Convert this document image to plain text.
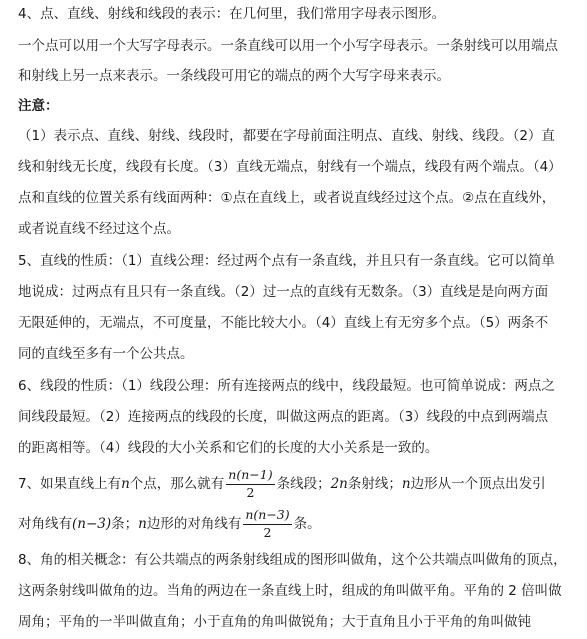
4、点、直线、射线和线段的表示：在几何里，我们常用字母表示图形。
一个点可以用一个大写字母表示。一条直线可以用一个小写字母表示。一条射线可以用端点
和射线上另一点来表示。一条线段可用它的端点的两个大写字母来表示。
注意：
（1）表示点、直线、射线、线段时，都要在字母前面注明点、直线、射线、线段。（2）直
线和射线无长度，线段有长度。（3）直线无端点，射线有一个端点，线段有两个端点。（4）
点和直线的位置关系有线面两种：①点在直线上，或者说直线经过这个点。②点在直线外，
或者说直线不经过这个点。
5、直线的性质：（1）直线公理：经过两个点有一条直线，并且只有一条直线。它可以简单
地说成：过两点有且只有一条直线。（2）过一点的直线有无数条。（3）直线是是向两方面
无限延伸的，无端点，不可度量，不能比较大小。（4）直线上有无穷多个点。（5）两条不
同的直线至多有一个公共点。
6、线段的性质：（1）线段公理：所有连接两点的线中，线段最短。也可简单说成：两点之
间线段最短。（2）连接两点的线段的长度，叫做这两点的距离。（3）线段的中点到两端点
的距离相等。（4）线段的大小关系和它们的长度的大小关系是一致的。
7、如果直线上有n个点，那么就有 $\frac{n(n-1)}{2}$ 条线段；2n条射线；n边形从一个顶点出发引
对角线有(n−3)条；n边形的对角线有 $\frac{n(n-3)}{2}$ 条。
8、角的相关概念：有公共端点的两条射线组成的图形叫做角，这个公共端点叫做角的顶点，
这两条射线叫做角的边。当角的两边在一条直线上时，组成的角叫做平角。平角的 2 倍叫做
周角；平角的一半叫做直角；小于直角的角叫做锐角；大于直角且小于平角的角叫做钝
